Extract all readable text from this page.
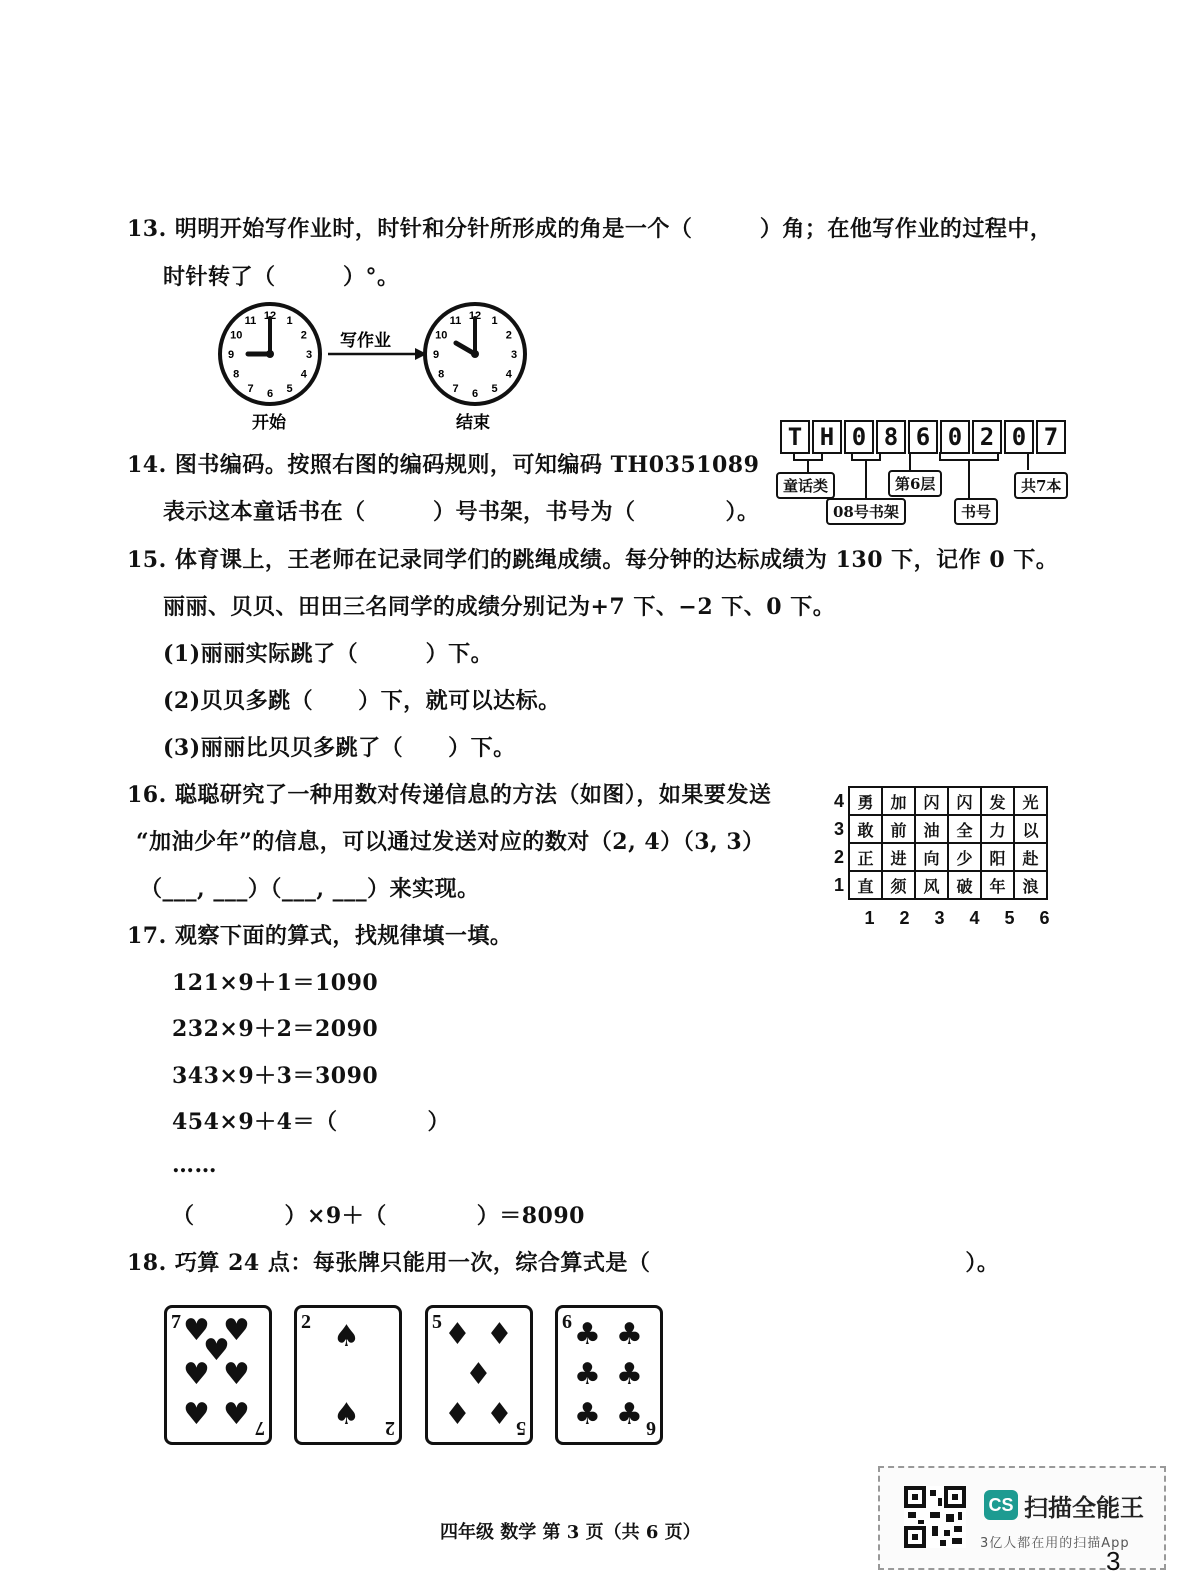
13. 明明开始写作业时，时针和分针所形成的角是一个（　　　）角；在他写作业的过程中，
时针转了（　　　）°。
12 1
2
3
4
5
6
7
8
9
10
11	12 1
2
3
4
5
6
7
8
9
10
11
写作业
开始	结束
14. 图书编码。按照右图的编码规则，可知编码 TH0351089
表示这本童话书在（　　　）号书架，书号为（　　　　）。
T H 0 8 6 0 2 0 7
童话类
08号书架
第6层
书号
共7本
15. 体育课上，王老师在记录同学们的跳绳成绩。每分钟的达标成绩为 130 下，记作 0 下。
丽丽、贝贝、田田三名同学的成绩分别记为+7 下、−2 下、0 下。
(1)丽丽实际跳了（　　　）下。
(2)贝贝多跳（　　）下，就可以达标。
(3)丽丽比贝贝多跳了（　　）下。
16. 聪聪研究了一种用数对传递信息的方法（如图），如果要发送
“加油少年”的信息，可以通过发送对应的数对（2, 4）（3, 3）
（___, ___）（___, ___）来实现。
4	勇	加	闪	闪	发	光
3	敢	前	油	全	力	以
2	正	进	向	少	阳	赴
1	直	须	风	破	年	浪
1	2	3	4	5	6
17. 观察下面的算式，找规律填一填。
121×9＋1＝1090
232×9＋2＝2090
343×9＋3＝3090
454×9＋4＝（　　　　）
……
（　　　　）×9＋（　　　　）＝8090
18. 巧算 24 点：每张牌只能用一次，综合算式是（　　　　　　　　　　　　　　）。
7
7
♥ ♥
♥
♥ ♥
♥ ♥
2
2
♠
♠
5
5
♦ ♦
♦
♦ ♦
6
6
♣ ♣
♣ ♣
♣ ♣
CS 扫描全能王
3亿人都在用的扫描App
四年级 数学 第 3 页（共 6 页）
3
